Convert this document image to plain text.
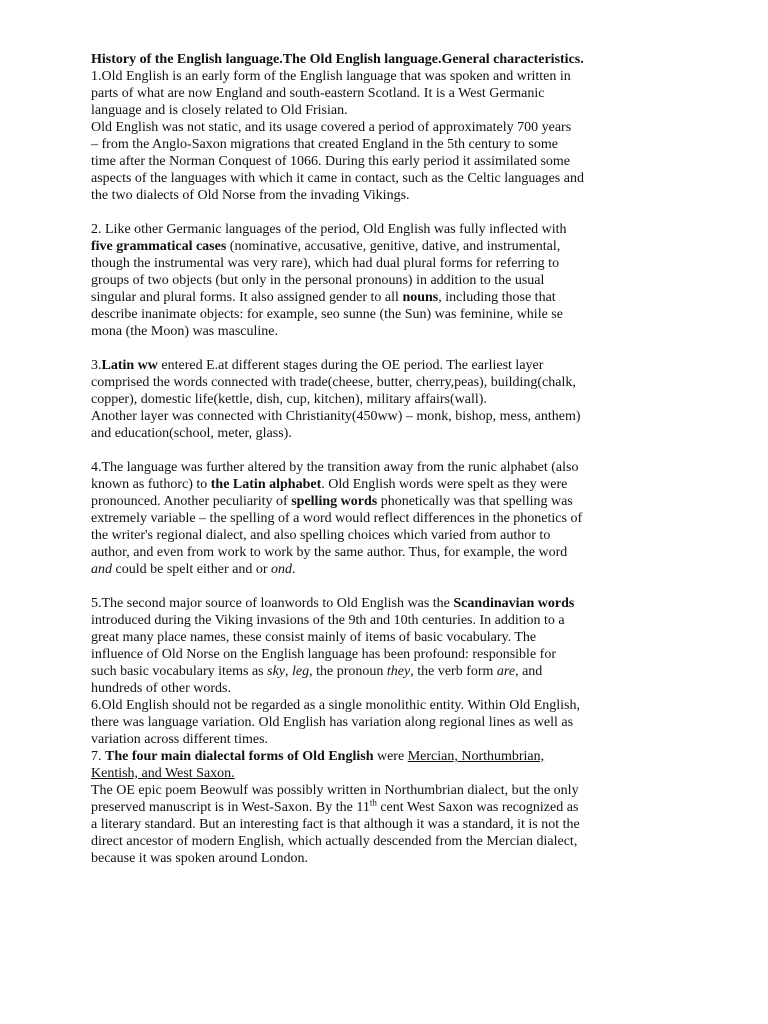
History of the English language.The Old English language.General characteristics.
1.Old English is an early form of the English language that was spoken and written in
parts of what are now England and south-eastern Scotland. It is a West Germanic
language and is closely related to Old Frisian.
Old English was not static, and its usage covered a period of approximately 700 years
– from the Anglo-Saxon migrations that created England in the 5th century to some
time after the Norman Conquest of 1066. During this early period it assimilated some
aspects of the languages with which it came in contact, such as the Celtic languages and
the two dialects of Old Norse from the invading Vikings.
2. Like other Germanic languages of the period, Old English was fully inflected with
five grammatical cases (nominative, accusative, genitive, dative, and instrumental,
though the instrumental was very rare), which had dual plural forms for referring to
groups of two objects (but only in the personal pronouns) in addition to the usual
singular and plural forms. It also assigned gender to all nouns, including those that
describe inanimate objects: for example, seo sunne (the Sun) was feminine, while se
mona (the Moon) was masculine.
3.Latin ww entered E.at different stages during the OE period. The earliest layer
comprised the words connected with trade(cheese, butter, cherry,peas), building(chalk,
copper), domestic life(kettle, dish, cup, kitchen), military affairs(wall).
Another layer was connected with Christianity(450ww) – monk, bishop, mess, anthem)
and education(school, meter, glass).
4.The language was further altered by the transition away from the runic alphabet (also
known as futhorc) to the Latin alphabet. Old English words were spelt as they were
pronounced. Another peculiarity of spelling words phonetically was that spelling was
extremely variable – the spelling of a word would reflect differences in the phonetics of
the writer's regional dialect, and also spelling choices which varied from author to
author, and even from work to work by the same author. Thus, for example, the word
and could be spelt either and or ond.
5.The second major source of loanwords to Old English was the Scandinavian words
introduced during the Viking invasions of the 9th and 10th centuries. In addition to a
great many place names, these consist mainly of items of basic vocabulary. The
influence of Old Norse on the English language has been profound: responsible for
such basic vocabulary items as sky, leg, the pronoun they, the verb form are, and
hundreds of other words.
6.Old English should not be regarded as a single monolithic entity. Within Old English,
there was language variation. Old English has variation along regional lines as well as
variation across different times.
7. The four main dialectal forms of Old English were Mercian, Northumbrian,
Kentish, and West Saxon.
The OE epic poem Beowulf was possibly written in Northumbrian dialect, but the only
preserved manuscript is in West-Saxon. By the 11th cent West Saxon was recognized as
a literary standard. But an interesting fact is that although it was a standard, it is not the
direct ancestor of modern English, which actually descended from the Mercian dialect,
because it was spoken around London.
